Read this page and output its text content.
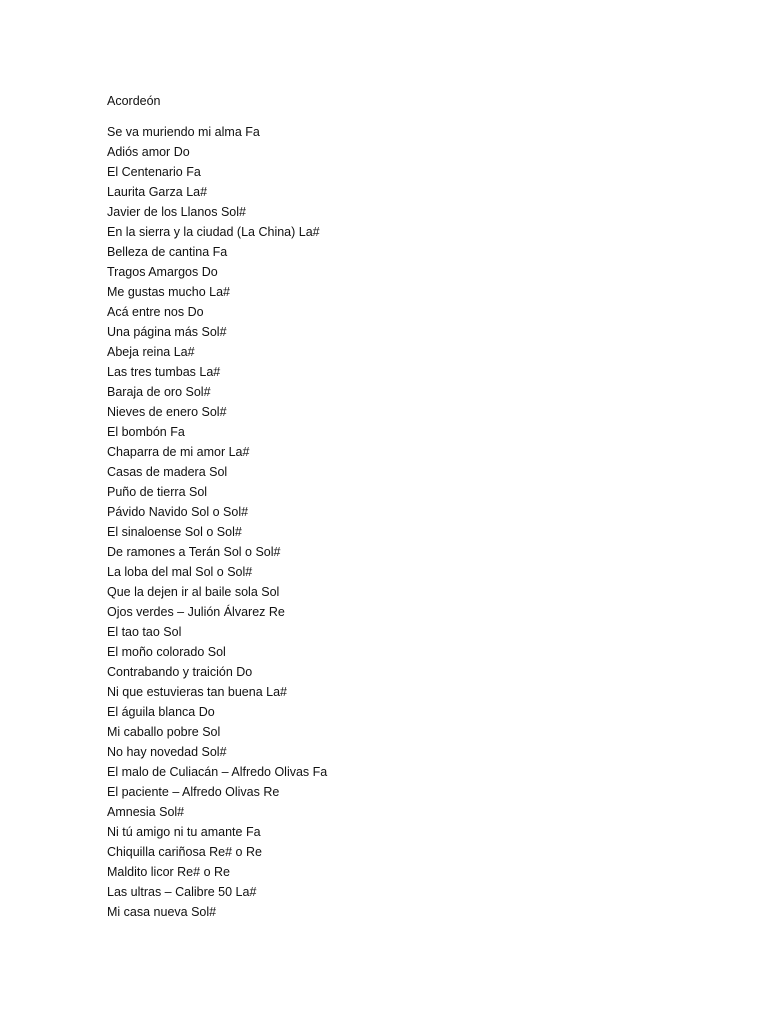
Acordeón
Se va muriendo mi alma Fa
Adiós amor Do
El Centenario Fa
Laurita Garza La#
Javier de los Llanos Sol#
En la sierra y la ciudad (La China) La#
Belleza de cantina Fa
Tragos Amargos Do
Me gustas mucho La#
Acá entre nos Do
Una página más Sol#
Abeja reina La#
Las tres tumbas La#
Baraja de oro Sol#
Nieves de enero Sol#
El bombón Fa
Chaparra de mi amor La#
Casas de madera Sol
Puño de tierra Sol
Pávido Navido Sol o Sol#
El sinaloense Sol o Sol#
De ramones a Terán Sol o Sol#
La loba del mal Sol o Sol#
Que la dejen ir al baile sola Sol
Ojos verdes – Julión Álvarez Re
El tao tao Sol
El moño colorado Sol
Contrabando y traición Do
Ni que estuvieras tan buena La#
El águila blanca Do
Mi caballo pobre Sol
No hay novedad Sol#
El malo de Culiacán – Alfredo Olivas Fa
El paciente – Alfredo Olivas Re
Amnesia Sol#
Ni tú amigo ni tu amante Fa
Chiquilla cariñosa Re# o Re
Maldito licor Re# o Re
Las ultras – Calibre 50 La#
Mi casa nueva Sol#
